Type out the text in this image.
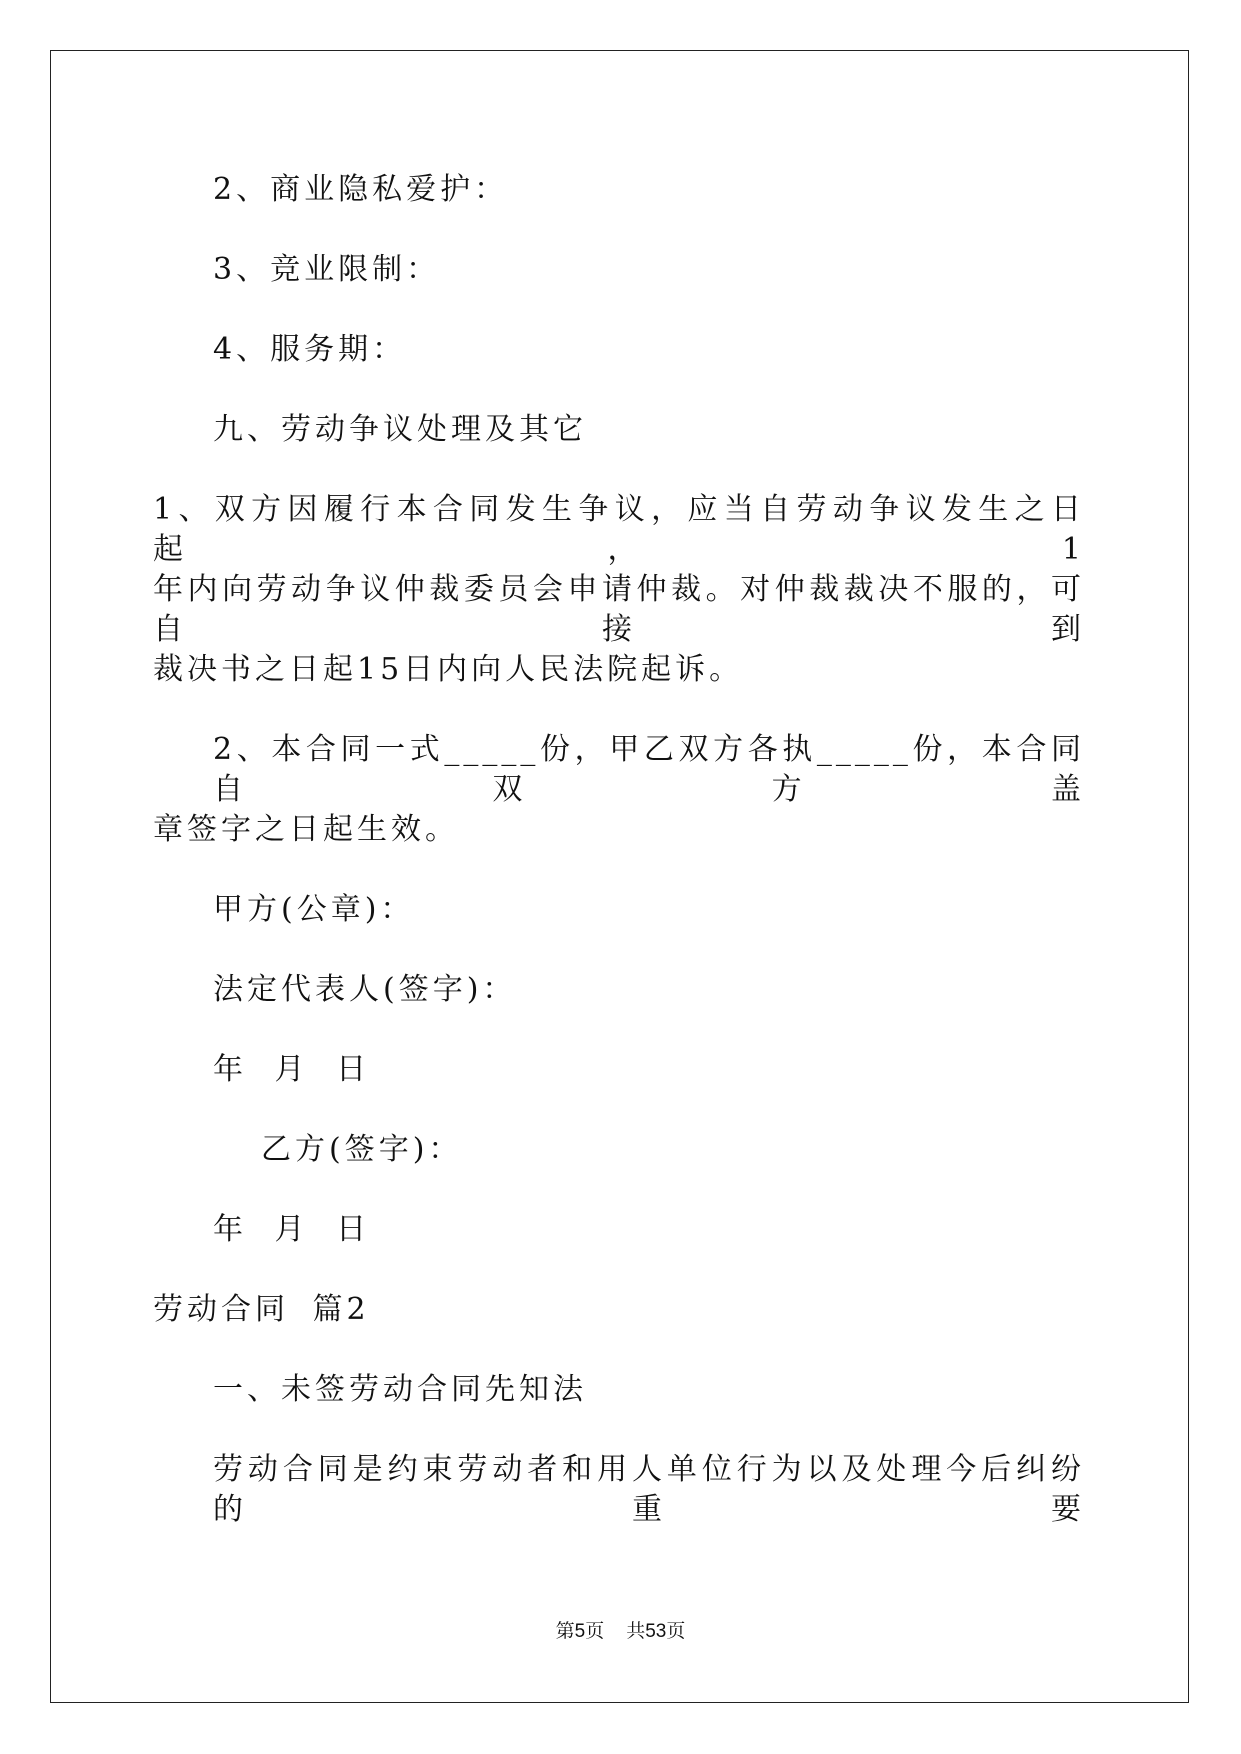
2、商业隐私爱护：
3、竞业限制：
4、服务期：
九、劳动争议处理及其它
1、双方因履行本合同发生争议，应当自劳动争议发生之日起，1
年内向劳动争议仲裁委员会申请仲裁。对仲裁裁决不服的，可自接到
裁决书之日起15日内向人民法院起诉。
2、本合同一式_____份，甲乙双方各执_____份，本合同自双方盖
章签字之日起生效。
甲方(公章)：
法定代表人(签字)：
年 月 日
乙方(签字)：
年 月 日
劳动合同 篇2
一、未签劳动合同先知法
劳动合同是约束劳动者和用人单位行为以及处理今后纠纷的重要
第5页 共53页
